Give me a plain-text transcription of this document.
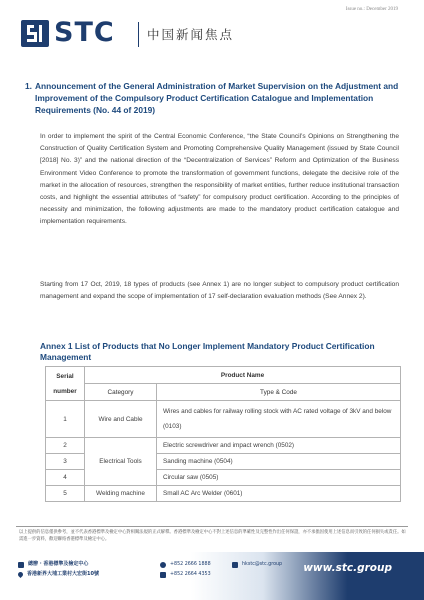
Issue no.: December 2019
STC	中国新闻焦点
1. Announcement of the General Administration of Market Supervision on the Adjustment and Improvement of the Compulsory Product Certification Catalogue and Implementation Requirements (No. 44 of 2019)

In order to implement the spirit of the Central Economic Conference, “the State Council’s Opinions on Strengthening the Construction of Quality Certification System and Promoting Comprehensive Quality Management (issued by State Council [2018] No. 3)” and the national direction of the “Decentralization of Services” Reform and Optimization of the Business Environment Video Conference to promote the transformation of government functions, delegate the decisive role of the market in the allocation of resources, strengthen the responsibility of market entities, further reduce institutional transaction costs, and highlight the essential attributes of “safety” for compulsory product certification. According to the principles of necessity and minimization, the following adjustments are made to the mandatory product certification catalogue and implementation requirements.

Starting from 17 Oct, 2019, 18 types of products (see Annex 1) are no longer subject to compulsory product certification management and expand the scope of implementation of 17 self-declaration evaluation methods (See Annex 2).

Annex 1 List of Products that No Longer Implement Mandatory Product Certification Management
Serial
number	Product Name	
	Category	Type & Code
1	Wire and Cable	Wires and cables for railway rolling stock with AC rated voltage of 3kV and below (0103)
2	Electrical Tools	Electric screwdriver and impact wrench (0502)
3		Sanding machine (0504)
4		Circular saw (0505)
5	Welding machine	Small AC Arc Welder (0601)
以上提供的信息僅供參考，並不代表香港標準及檢定中心對相關法規的正式解釋。香港標準及檢定中心不對上述信息的準確性及完整性作出任何保證，亦不承擔因使用上述信息而引致的任何損失或責任。如需進一步資料，歡迎聯絡香港標準及檢定中心。
總辦 · 香港標準及檢定中心
香港新界大埔工業村大宏街10號
+852 2666 1888
+852 2664 4353
hkstc@stc.group www.stc.group
